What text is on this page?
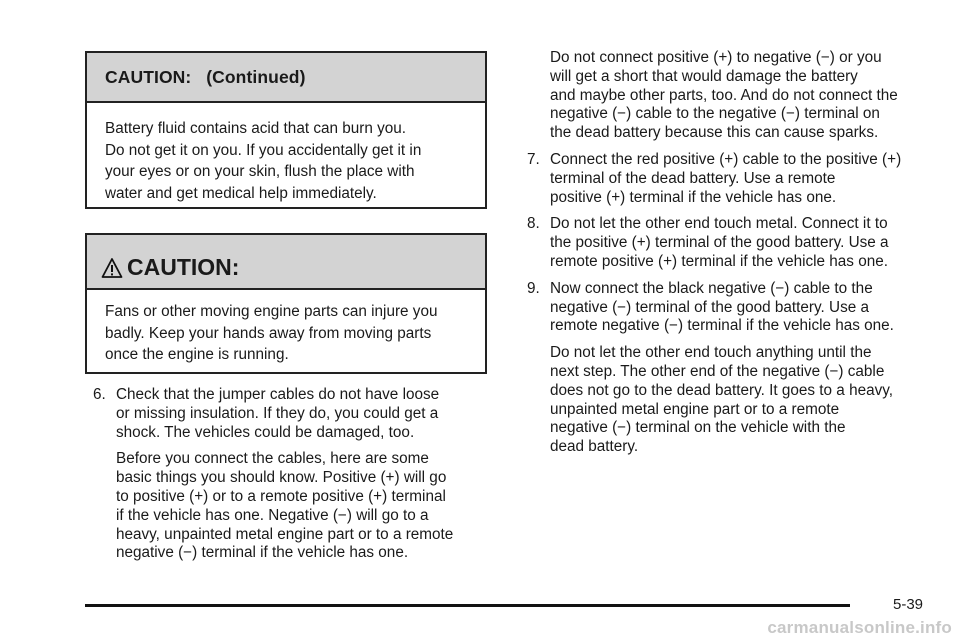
CAUTION:   (Continued)
Battery fluid contains acid that can burn you.
Do not get it on you. If you accidentally get it in
your eyes or on your skin, flush the place with
water and get medical help immediately.
CAUTION:
Fans or other moving engine parts can injure you
badly. Keep your hands away from moving parts
once the engine is running.
6. Check that the jumper cables do not have loose
or missing insulation. If they do, you could get a
shock. The vehicles could be damaged, too.
Before you connect the cables, here are some
basic things you should know. Positive (+) will go
to positive (+) or to a remote positive (+) terminal
if the vehicle has one. Negative (−) will go to a
heavy, unpainted metal engine part or to a remote
negative (−) terminal if the vehicle has one.
Do not connect positive (+) to negative (−) or you
will get a short that would damage the battery
and maybe other parts, too. And do not connect the
negative (−) cable to the negative (−) terminal on
the dead battery because this can cause sparks.
7. Connect the red positive (+) cable to the positive (+)
terminal of the dead battery. Use a remote
positive (+) terminal if the vehicle has one.
8. Do not let the other end touch metal. Connect it to
the positive (+) terminal of the good battery. Use a
remote positive (+) terminal if the vehicle has one.
9. Now connect the black negative (−) cable to the
negative (−) terminal of the good battery. Use a
remote negative (−) terminal if the vehicle has one.
Do not let the other end touch anything until the
next step. The other end of the negative (−) cable
does not go to the dead battery. It goes to a heavy,
unpainted metal engine part or to a remote
negative (−) terminal on the vehicle with the
dead battery.
5-39
carmanualsonline.info
